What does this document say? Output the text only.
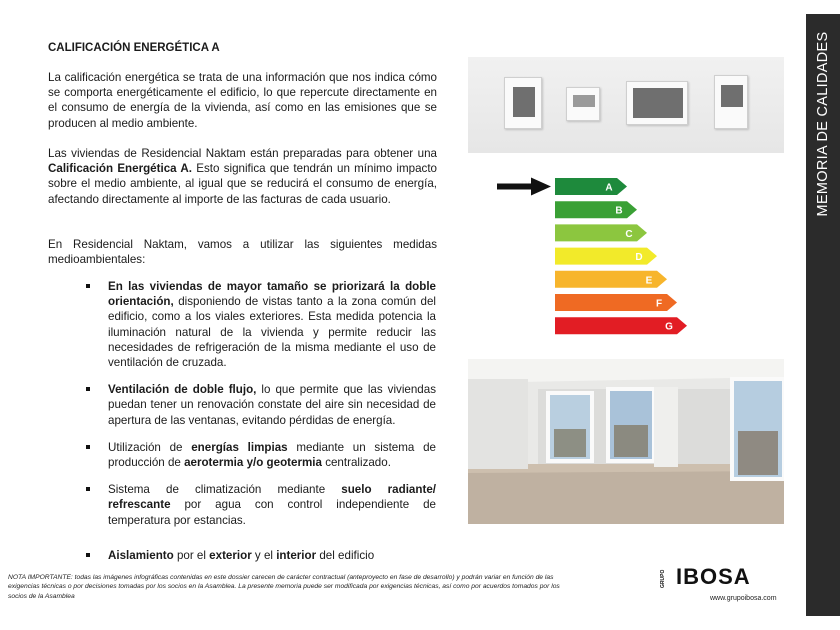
MEMORIA DE CALIDADES
CALIFICACIÓN ENERGÉTICA A

La calificación energética se trata de una información que nos indica cómo se comporta energéticamente el edificio, lo que repercute directamente en el consumo de energía de la vivienda, así como en las emisiones que se producen al medio ambiente.

Las viviendas de Residencial Naktam están preparadas para obtener una Calificación Energética A. Esto significa que tendrán un mínimo impacto sobre el medio ambiente, al igual que se reducirá el consumo de energía, afectando directamente al importe de las facturas de cada usuario.

En Residencial Naktam, vamos a utilizar las siguientes medidas medioambientales:

En las viviendas de mayor tamaño se priorizará la doble orientación, disponiendo de vistas tanto a la zona común del edificio, como a los viales exteriores. Esta medida potencia la iluminación natural de la vivienda y permite reducir las necesidades de refrigeración de la misma mediante el uso de ventilación de cruzada.
Ventilación de doble flujo, lo que permite que las viviendas puedan tener un renovación constate del aire sin necesidad de apertura de las ventanas, evitando pérdidas de energía.
Utilización de energías limpias mediante un sistema de producción de aerotermia y/o geotermia centralizado.
Sistema de climatización mediante suelo radiante/ refrescante por agua con control independiente de temperatura por estancias.
Aislamiento por el exterior y el interior del edificio
A
B
C
D
E
F
G
NOTA IMPORTANTE: todas las imágenes infográficas contenidas en este dossier carecen de carácter contractual (anteproyecto en fase de desarrollo) y podrán variar en función de las exigencias técnicas o por decisiones tomadas por los socios en la Asamblea. La presente memoria puede ser modificada por exigencias técnicas, así como por acuerdos tomados por los socios de la Asamblea
GRUPO IBOSA
www.grupoibosa.com
